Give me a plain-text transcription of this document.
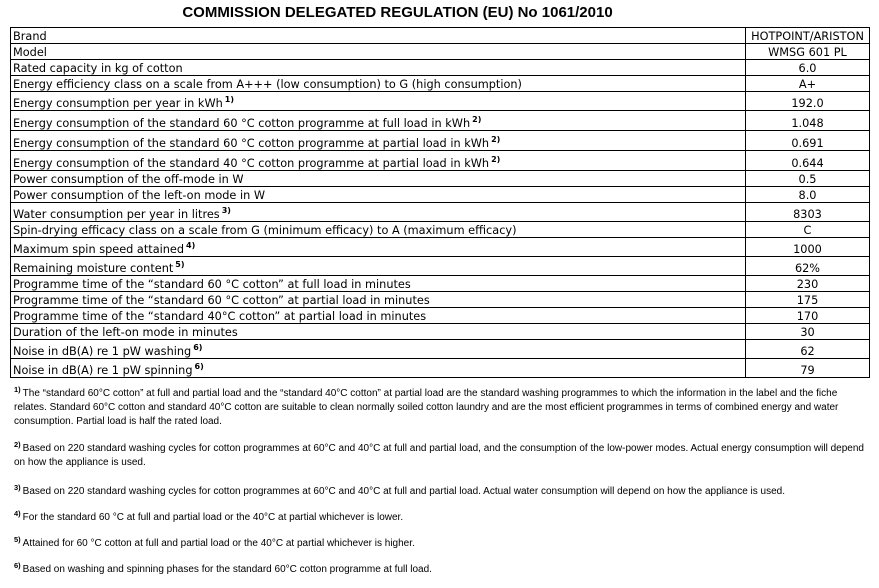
COMMISSION DELEGATED REGULATION (EU) No 1061/2010
Brand	HOTPOINT/ARISTON
Model	WMSG 601 PL
Rated capacity in kg of cotton	6.0
Energy efficiency class on a scale from A+++ (low consumption) to G (high consumption)	A+
Energy consumption per year in kWh $^{1)}$	192.0
Energy consumption of the standard 60 °C cotton programme at full load in kWh $^{2)}$	1.048
Energy consumption of the standard 60 °C cotton programme at partial load in kWh $^{2)}$	0.691
Energy consumption of the standard 40 °C cotton programme at partial load in kWh $^{2)}$	0.644
Power consumption of the off-mode in W	0.5
Power consumption of the left-on mode in W	8.0
Water consumption per year in litres $^{3)}$	8303
Spin-drying efficacy class on a scale from G (minimum efficacy) to A (maximum efficacy)	C
Maximum spin speed attained $^{4)}$	1000
Remaining moisture content $^{5)}$	62%
Programme time of the “standard 60 °C cotton” at full load in minutes	230
Programme time of the “standard 60 °C cotton” at partial load in minutes	175
Programme time of the “standard 40°C cotton” at partial load in minutes	170
Duration of the left-on mode in minutes	30
Noise in dB(A) re 1 pW washing $^{6)}$	62
Noise in dB(A) re 1 pW spinning $^{6)}$	79

$^{1)}$ The “standard 60°C cotton” at full and partial load and the “standard 40°C cotton” at partial load are the standard washing programmes to which the information in the label and the fiche relates. Standard 60°C cotton and standard 40°C cotton are suitable to clean normally soiled cotton laundry and are the most efficient programmes in terms of combined energy and water consumption. Partial load is half the rated load.

$^{2)}$ Based on 220 standard washing cycles for cotton programmes at 60°C and 40°C at full and partial load, and the consumption of the low-power modes. Actual energy consumption will depend on how the appliance is used.

$^{3)}$ Based on 220 standard washing cycles for cotton programmes at 60°C and 40°C at full and partial load. Actual water consumption will depend on how the appliance is used.

$^{4)}$ For the standard 60 °C at full and partial load or the 40°C at partial whichever is lower.

$^{5)}$ Attained for 60 °C cotton at full and partial load or the 40°C at partial whichever is higher.

$^{6)}$ Based on washing and spinning phases for the standard 60°C cotton programme at full load.
